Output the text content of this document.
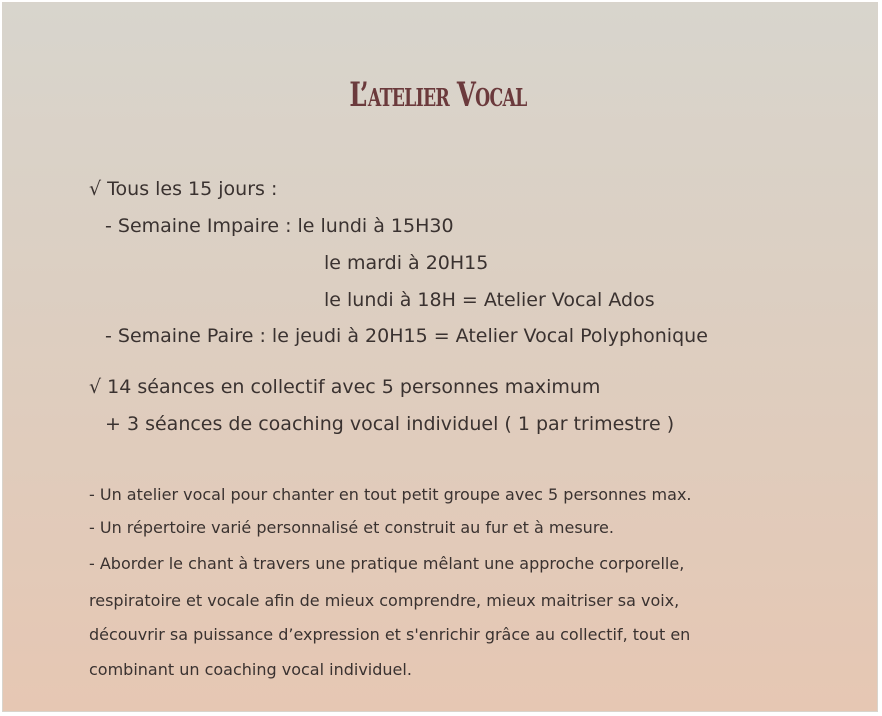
L’atelier Vocal
√ Tous les 15 jours :
- Semaine Impaire : le lundi à 15H30
le mardi à 20H15
le lundi à 18H = Atelier Vocal Ados
- Semaine Paire : le jeudi à 20H15 = Atelier Vocal Polyphonique
√ 14 séances en collectif avec 5 personnes maximum
+ 3 séances de coaching vocal individuel ( 1 par trimestre )
- Un atelier vocal pour chanter en tout petit groupe avec 5 personnes max.
- Un répertoire varié personnalisé et construit au fur et à mesure.
- Aborder le chant à travers une pratique mêlant une approche corporelle,
respiratoire et vocale afin de mieux comprendre, mieux maitriser sa voix,
découvrir sa puissance d’expression et s'enrichir grâce au collectif, tout en
combinant un coaching vocal individuel.
